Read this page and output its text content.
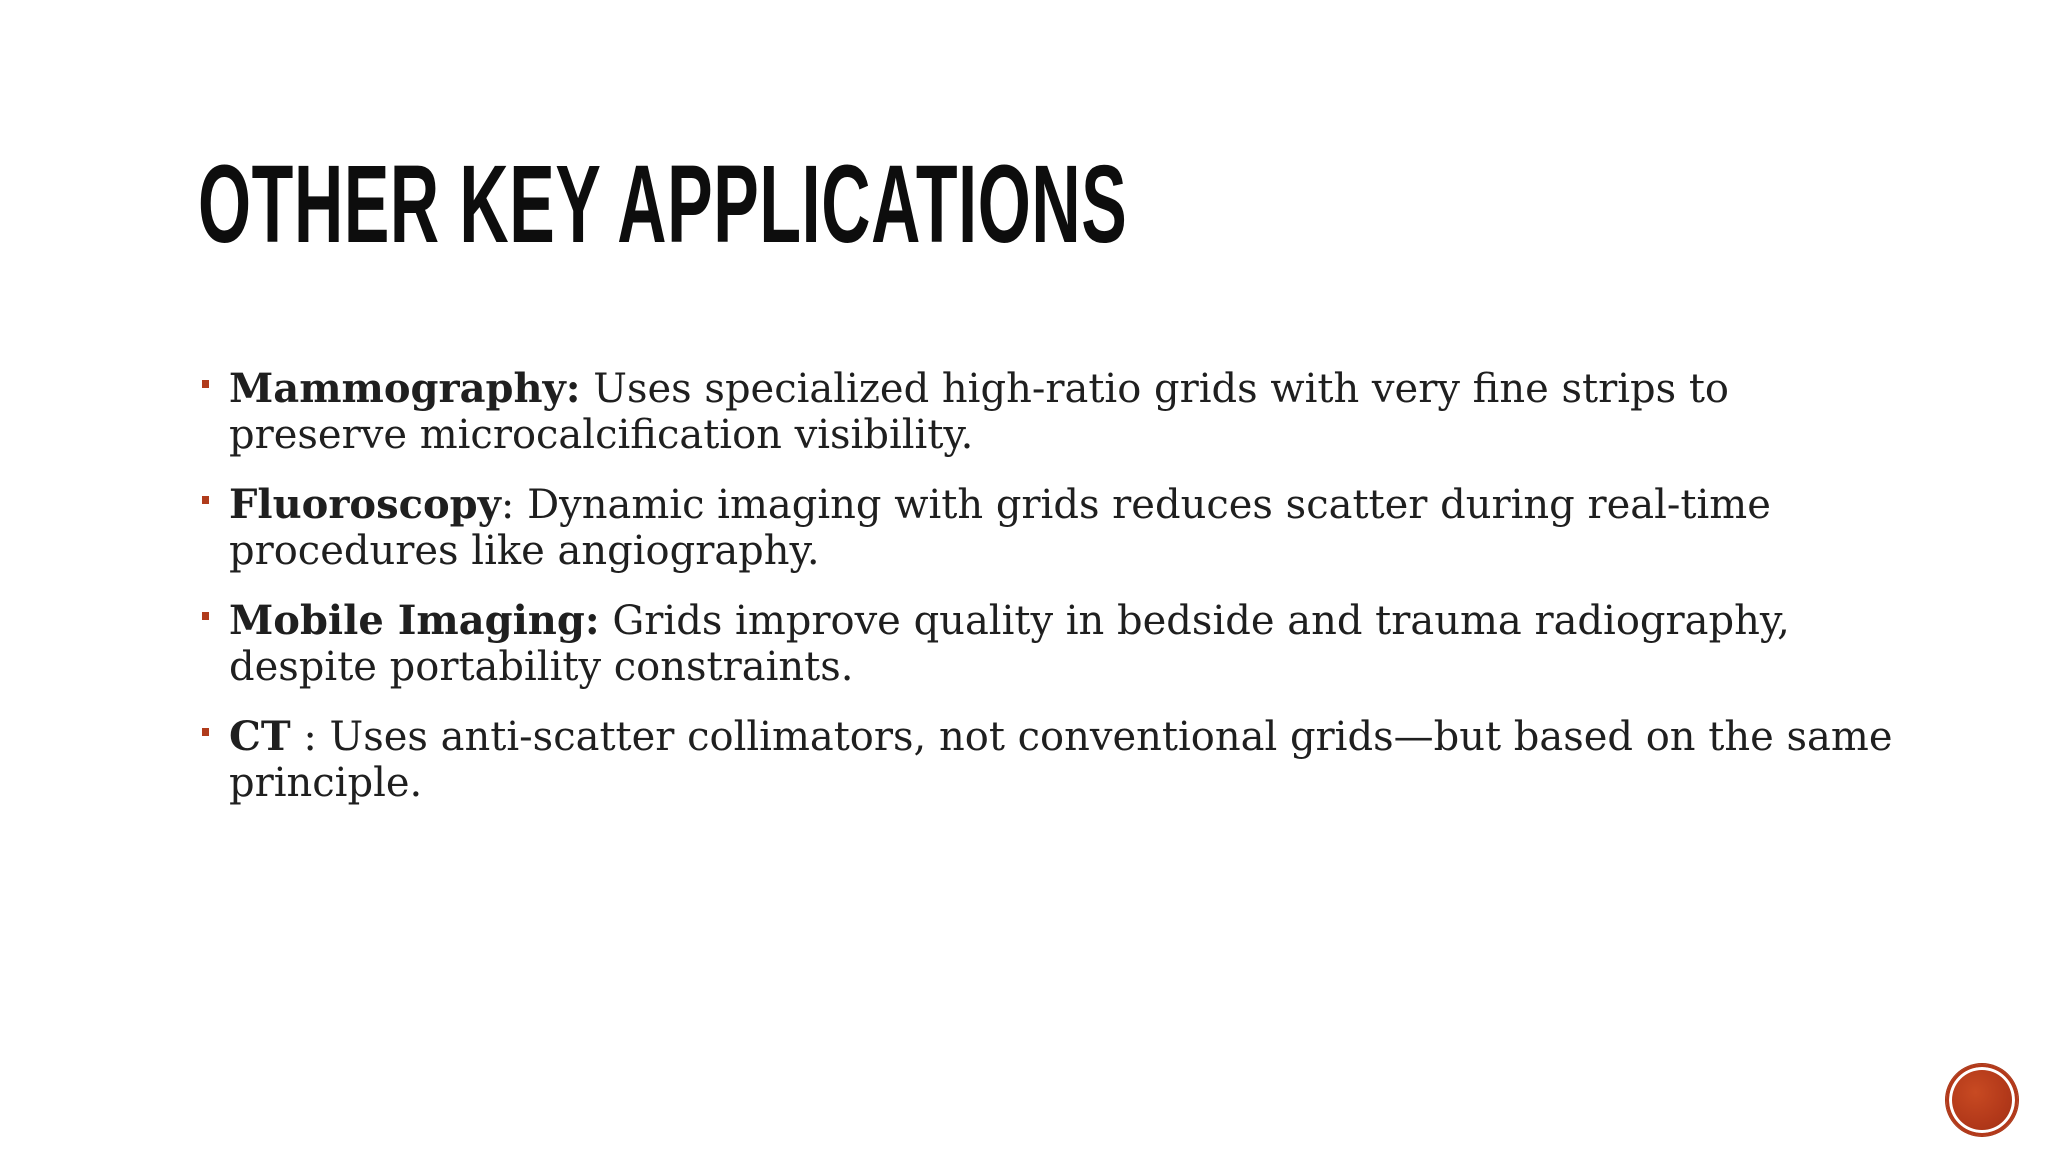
OTHER KEY APPLICATIONS
Mammography: Uses specialized high-ratio grids with very fine strips to preserve microcalcification visibility.
Fluoroscopy: Dynamic imaging with grids reduces scatter during real-time procedures like angiography.
Mobile Imaging: Grids improve quality in bedside and trauma radiography, despite portability constraints.
CT : Uses anti-scatter collimators, not conventional grids—but based on the same principle.
